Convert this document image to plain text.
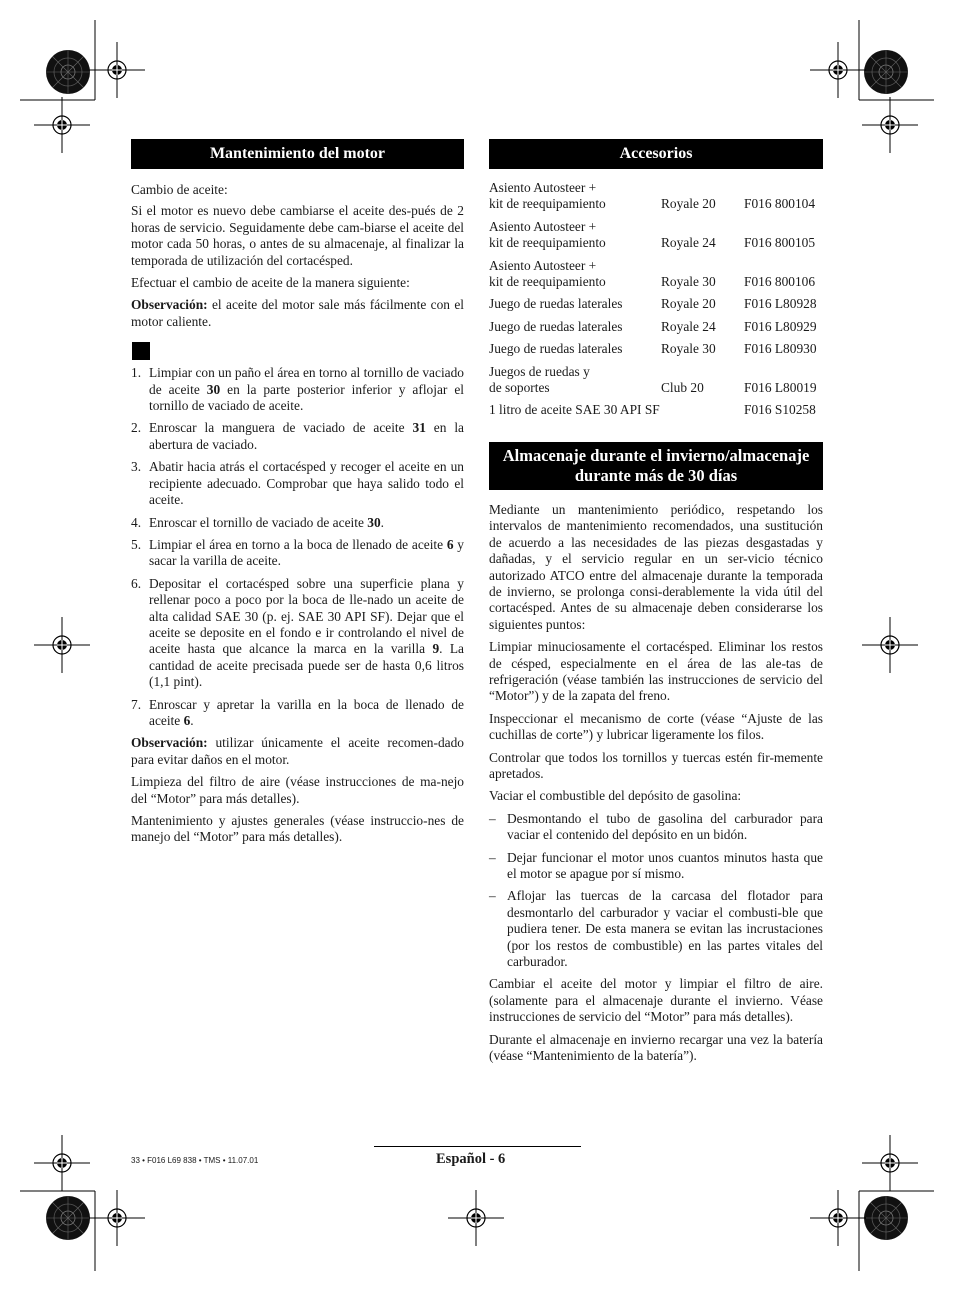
Mantenimiento del motor

Cambio de aceite:

Si el motor es nuevo debe cambiarse el aceite des-pués de 2 horas de servicio. Seguidamente debe cam-biarse el aceite del motor cada 50 horas, o antes de su almacenaje, al finalizar la temporada de utilización del cortacésped.

Efectuar el cambio de aceite de la manera siguiente:

Observación: el aceite del motor sale más fácilmente con el motor caliente.

1. Limpiar con un paño el área en torno al tornillo de vaciado de aceite 30 en la parte posterior inferior y aflojar el tornillo de vaciado de aceite.
2. Enroscar la manguera de vaciado de aceite 31 en la abertura de vaciado.
3. Abatir hacia atrás el cortacésped y recoger el aceite en un recipiente adecuado. Comprobar que haya salido todo el aceite.
4. Enroscar el tornillo de vaciado de aceite 30.
5. Limpiar el área en torno a la boca de llenado de aceite 6 y sacar la varilla de aceite.
6. Depositar el cortacésped sobre una superficie plana y rellenar poco a poco por la boca de lle-nado un aceite de alta calidad SAE 30 (p. ej. SAE 30 API SF). Dejar que el aceite se deposite en el fondo e ir controlando el nivel de aceite hasta que alcance la marca en la varilla 9. La cantidad de aceite precisada puede ser de hasta 0,6 litros (1,1 pint).
7. Enroscar y apretar la varilla en la boca de llenado de aceite 6.

Observación: utilizar únicamente el aceite recomen-dado para evitar daños en el motor.

Limpieza del filtro de aire (véase instrucciones de ma-nejo del “Motor” para más detalles).

Mantenimiento y ajustes generales (véase instruccio-nes de manejo del “Motor” para más detalles).

Accesorios
Asiento Autosteer +
kit de reequipamiento	Royale 20	F016 800104
Asiento Autosteer +
kit de reequipamiento	Royale 24	F016 800105
Asiento Autosteer +
kit de reequipamiento	Royale 30	F016 800106
Juego de ruedas laterales	Royale 20	F016 L80928
Juego de ruedas laterales	Royale 24	F016 L80929
Juego de ruedas laterales	Royale 30	F016 L80930
Juegos de ruedas y
de soportes	Club 20	F016 L80019
1 litro de aceite SAE 30 API SF		F016 S10258
Almacenaje durante el invierno/almacenaje durante más de 30 días

Mediante un mantenimiento periódico, respetando los intervalos de mantenimiento recomendados, una sustitución de acuerdo a las necesidades de las piezas desgastadas y dañadas, y el servicio regular en un ser-vicio técnico autorizado ATCO entre del almacenaje durante la temporada de invierno, se prolonga consi-derablemente la vida útil del cortacésped. Antes de su almacenaje deben considerarse los siguientes puntos:

Limpiar minuciosamente el cortacésped. Eliminar los restos de césped, especialmente en el área de las ale-tas de refrigeración (véase también las instrucciones de servicio del “Motor”) y de la zapata del freno.

Inspeccionar el mecanismo de corte (véase “Ajuste de las cuchillas de corte”) y lubricar ligeramente los filos.

Controlar que todos los tornillos y tuercas estén fir-memente apretados.

Vaciar el combustible del depósito de gasolina:

– Desmontando el tubo de gasolina del carburador para vaciar el contenido del depósito en un bidón.
– Dejar funcionar el motor unos cuantos minutos hasta que el motor se apague por sí mismo.
– Aflojar las tuercas de la carcasa del flotador para desmontarlo del carburador y vaciar el combusti-ble que pudiera tener. De esta manera se evitan las incrustaciones (por los restos de combustible) en las partes vitales del carburador.

Cambiar el aceite del motor y limpiar el filtro de aire. (solamente para el almacenaje durante el invierno. Véase instrucciones de servicio del “Motor” para más detalles).

Durante el almacenaje en invierno recargar una vez la batería (véase “Mantenimiento de la batería”).

33 • F016 L69 838 • TMS • 11.07.01	Español - 6
